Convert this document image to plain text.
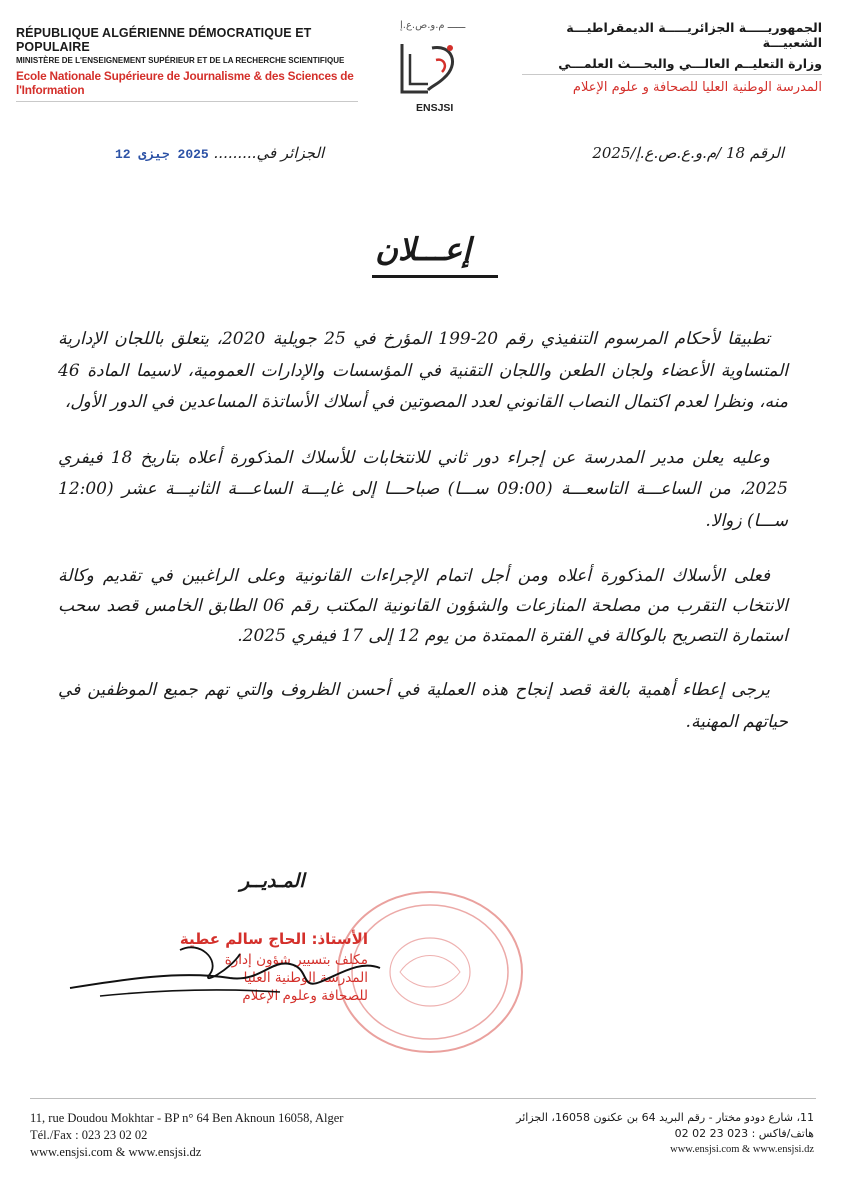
RÉPUBLIQUE ALGÉRIENNE DÉMOCRATIQUE ET POPULAIRE
MINISTÈRE DE L'ENSEIGNEMENT SUPÉRIEUR ET DE LA RECHERCHE SCIENTIFIQUE
Ecole Nationale Supérieure de Journalisme & des Sciences de l'Information
ــــــ م.و.ص.ع.إ
ENSJSI
الجمهوريـــــة الجزائريـــــة الديمقراطيـــة الشعبيـــة
وزارة التعليــم العالـــي والبحـــث العلمـــي
المدرسة الوطنية العليا للصحافة و علوم الإعلام
الرقم 18 /م.و.ع.ص.ع.إ/2025
الجزائر في......... 2025 جيزى 12
إعـــلان

تطبيقا لأحكام المرسوم التنفيذي رقم 20-199 المؤرخ في 25 جويلية 2020، يتعلق باللجان الإدارية المتساوية الأعضاء ولجان الطعن واللجان التقنية في المؤسسات والإدارات العمومية، لاسيما المادة 46 منه، ونظرا لعدم اكتمال النصاب القانوني لعدد المصوتين في أسلاك الأساتذة المساعدين في الدور الأول،

وعليه يعلن مدير المدرسة عن إجراء دور ثاني للانتخابات للأسلاك المذكورة أعلاه بتاريخ 18 فيفري 2025، من الساعـــة التاسعـــة (09:00 ســـا) صباحـــا إلى غايـــة الساعـــة الثانيـــة عشر (12:00 ســـا) زوالا.

فعلى الأسلاك المذكورة أعلاه ومن أجل اتمام الإجراءات القانونية وعلى الراغبين في تقديم وكالة الانتخاب التقرب من مصلحة المنازعات والشؤون القانونية المكتب رقم 06 الطابق الخامس قصد سحب استمارة التصريح بالوكالة في الفترة الممتدة من يوم 12 إلى 17 فيفري 2025.

يرجى إعطاء أهمية بالغة قصد إنجاح هذه العملية في أحسن الظروف والتي تهم جميع الموظفين في حياتهم المهنية.

المـديــر
الأستاذ: الحاج سالم عطية
مكلف بتسيير شؤون إدارة
المدرسة الوطنية العليا
للصحافة وعلوم الإعلام
11, rue Doudou Mokhtar - BP n° 64 Ben Aknoun 16058, Alger
Tél./Fax : 023 23 02 02
www.ensjsi.com & www.ensjsi.dz
11، شارع دودو مختار - رقم البريد 64 بن عكنون 16058، الجزائر
هاتف/فاكس : 023 23 02 02
www.ensjsi.com & www.ensjsi.dz
